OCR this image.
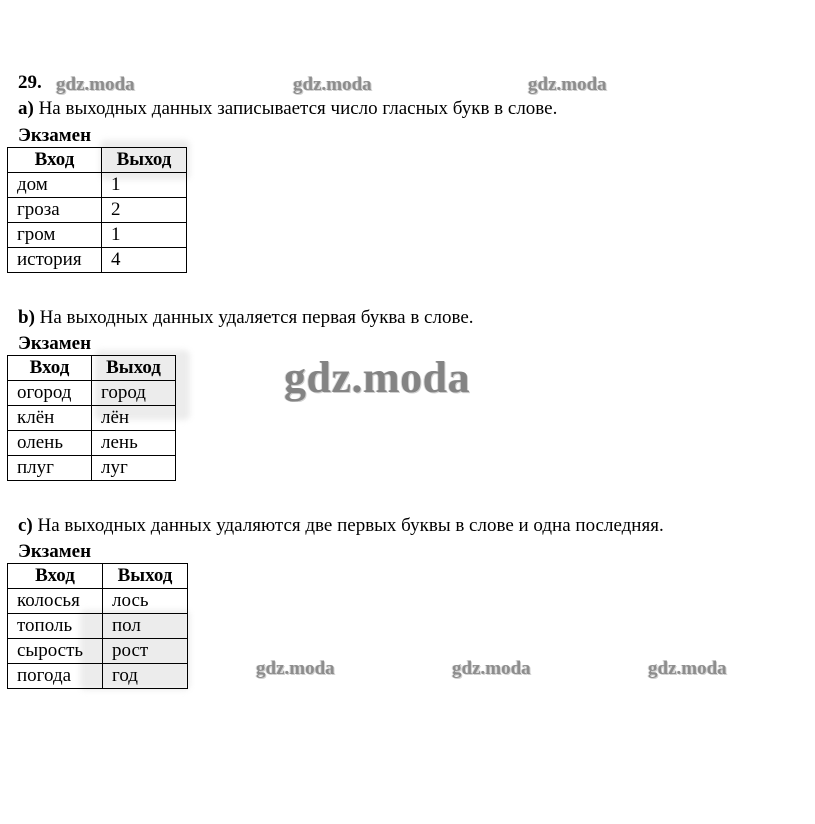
29. gdz.moda	gdz.moda	gdz.moda
a) На выходных данных записывается число гласных букв в слове.
Экзамен
Вход	Выход
дом	1
гроза	2
гром	1
история	4
b) На выходных данных удаляется первая буква в слове.
Экзамен
Вход	Выход
огород	город
клён	лён
олень	лень
плуг	луг
gdz.moda
c) На выходных данных удаляются две первых буквы в слове и одна последняя.
Экзамен
Вход	Выход
колосья	лось
тополь	пол
сырость	рост
погода	год	gdz.moda	gdz.moda	gdz.moda
